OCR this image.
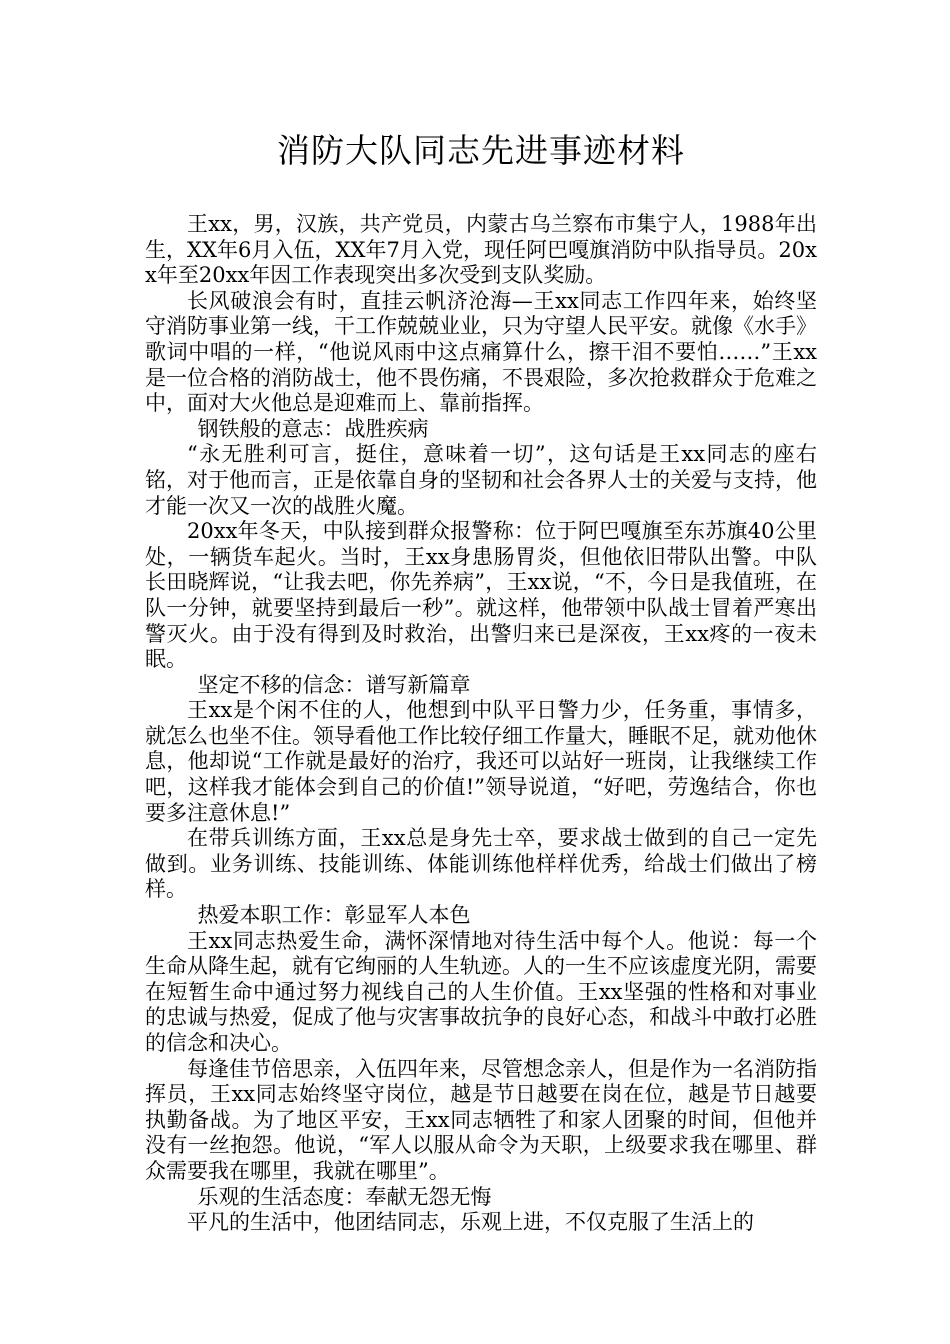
消防大队同志先进事迹材料

王xx，男，汉族，共产党员，内蒙古乌兰察布市集宁人，1988年出生，XX年6月入伍，XX年7月入党，现任阿巴嘎旗消防中队指导员。20xx年至20xx年因工作表现突出多次受到支队奖励。

长风破浪会有时，直挂云帆济沧海—王xx同志工作四年来，始终坚守消防事业第一线，干工作兢兢业业，只为守望人民平安。就像《水手》歌词中唱的一样，“他说风雨中这点痛算什么，擦干泪不要怕……”王xx是一位合格的消防战士，他不畏伤痛，不畏艰险，多次抢救群众于危难之中，面对大火他总是迎难而上、靠前指挥。

钢铁般的意志：战胜疾病

“永无胜利可言，挺住，意味着一切”，这句话是王xx同志的座右铭，对于他而言，正是依靠自身的坚韧和社会各界人士的关爱与支持，他才能一次又一次的战胜火魔。

20xx年冬天，中队接到群众报警称：位于阿巴嘎旗至东苏旗40公里处，一辆货车起火。当时，王xx身患肠胃炎，但他依旧带队出警。中队长田晓辉说，“让我去吧，你先养病”，王xx说，“不，今日是我值班，在队一分钟，就要坚持到最后一秒”。就这样，他带领中队战士冒着严寒出警灭火。由于没有得到及时救治，出警归来已是深夜，王xx疼的一夜未眠。

坚定不移的信念：谱写新篇章

王xx是个闲不住的人，他想到中队平日警力少，任务重，事情多，就怎么也坐不住。领导看他工作比较仔细工作量大，睡眠不足，就劝他休息，他却说“工作就是最好的治疗，我还可以站好一班岗，让我继续工作吧，这样我才能体会到自己的价值!”领导说道，“好吧，劳逸结合，你也要多注意休息!”

在带兵训练方面，王xx总是身先士卒，要求战士做到的自己一定先做到。业务训练、技能训练、体能训练他样样优秀，给战士们做出了榜样。

热爱本职工作：彰显军人本色

王xx同志热爱生命，满怀深情地对待生活中每个人。他说：每一个生命从降生起，就有它绚丽的人生轨迹。人的一生不应该虚度光阴，需要在短暂生命中通过努力视线自己的人生价值。王xx坚强的性格和对事业的忠诚与热爱，促成了他与灾害事故抗争的良好心态，和战斗中敢打必胜的信念和决心。

每逢佳节倍思亲，入伍四年来，尽管想念亲人，但是作为一名消防指挥员，王xx同志始终坚守岗位，越是节日越要在岗在位，越是节日越要执勤备战。为了地区平安，王xx同志牺牲了和家人团聚的时间，但他并没有一丝抱怨。他说，“军人以服从命令为天职，上级要求我在哪里、群众需要我在哪里，我就在哪里”。

乐观的生活态度：奉献无怨无悔

平凡的生活中，他团结同志，乐观上进，不仅克服了生活上的
